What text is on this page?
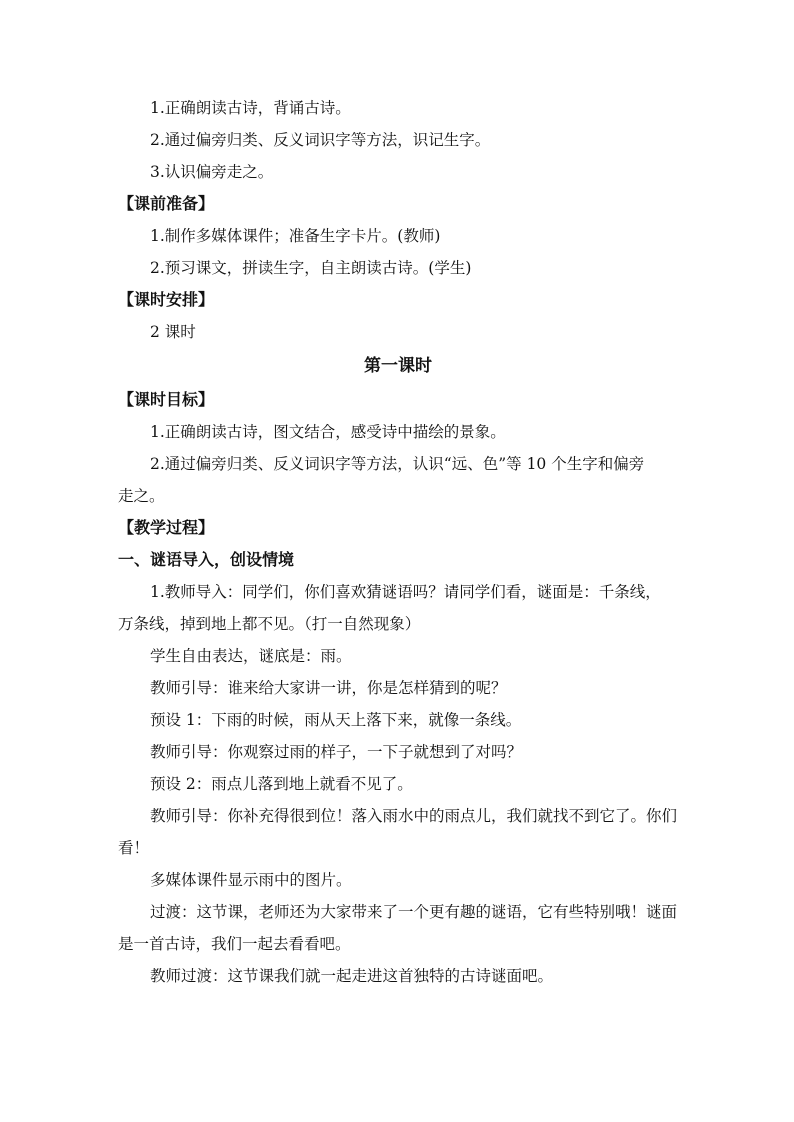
1.正确朗读古诗，背诵古诗。
2.通过偏旁归类、反义词识字等方法，识记生字。
3.认识偏旁走之。
【课前准备】
1.制作多媒体课件；准备生字卡片。(教师)
2.预习课文，拼读生字，自主朗读古诗。(学生)
【课时安排】
2 课时
第一课时
【课时目标】
1.正确朗读古诗，图文结合，感受诗中描绘的景象。
2.通过偏旁归类、反义词识字等方法，认识“远、色”等 10 个生字和偏旁
走之。
【教学过程】
一、谜语导入，创设情境
1.教师导入：同学们，你们喜欢猜谜语吗？请同学们看，谜面是：千条线，
万条线，掉到地上都不见。（打一自然现象）
学生自由表达，谜底是：雨。
教师引导：谁来给大家讲一讲，你是怎样猜到的呢？
预设 1：下雨的时候，雨从天上落下来，就像一条线。
教师引导：你观察过雨的样子，一下子就想到了对吗？
预设 2：雨点儿落到地上就看不见了。
教师引导：你补充得很到位！落入雨水中的雨点儿，我们就找不到它了。你们
看！
多媒体课件显示雨中的图片。
过渡：这节课，老师还为大家带来了一个更有趣的谜语，它有些特别哦！谜面
是一首古诗，我们一起去看看吧。
教师过渡：这节课我们就一起走进这首独特的古诗谜面吧。
